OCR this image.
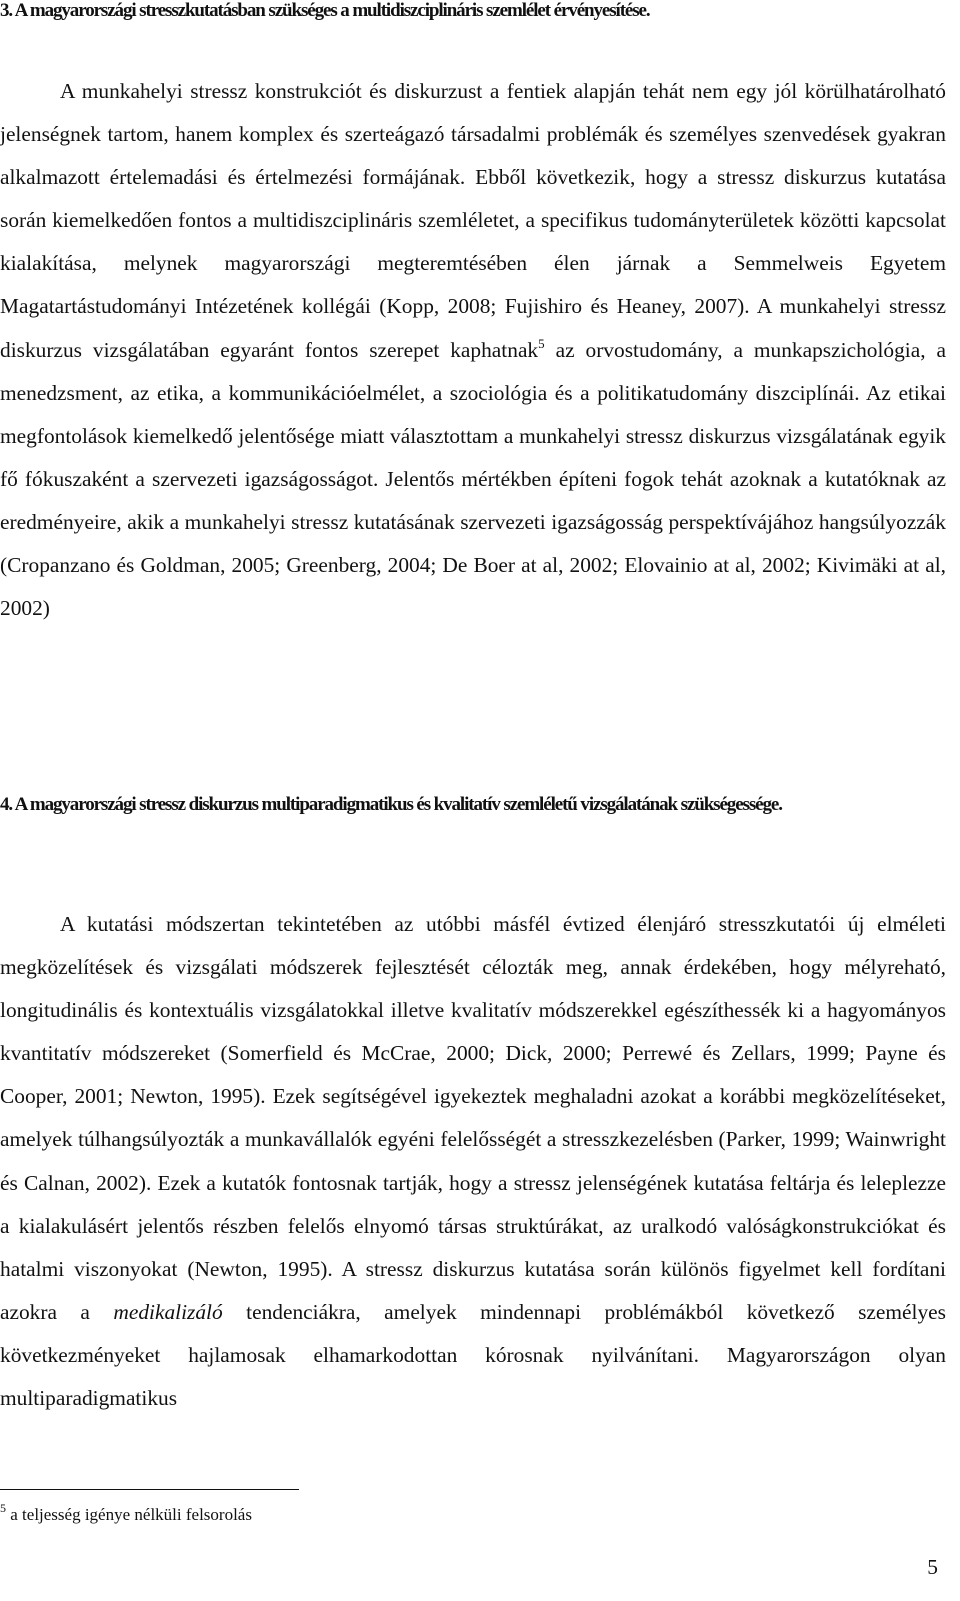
3. A magyarországi stresszkutatásban szükséges a multidiszciplináris szemlélet érvényesítése.

A munkahelyi stressz konstrukciót és diskurzust a fentiek alapján tehát nem egy jól körülhatárolható jelenségnek tartom, hanem komplex és szerteágazó társadalmi problémák és személyes szenvedések gyakran alkalmazott értelemadási és értelmezési formájának. Ebből következik, hogy a stressz diskurzus kutatása során kiemelkedően fontos a multidiszciplináris szemléletet, a specifikus tudományterületek közötti kapcsolat kialakítása, melynek magyarországi megteremtésében élen járnak a Semmelweis Egyetem Magatartástudományi Intézetének kollégái (Kopp, 2008; Fujishiro és Heaney, 2007). A munkahelyi stressz diskurzus vizsgálatában egyaránt fontos szerepet kaphatnak$^5$ az orvostudomány, a munkapszichológia, a menedzsment, az etika, a kommunikációelmélet, a szociológia és a politikatudomány diszciplínái. Az etikai megfontolások kiemelkedő jelentősége miatt választottam a munkahelyi stressz diskurzus vizsgálatának egyik fő fókuszaként a szervezeti igazságosságot. Jelentős mértékben építeni fogok tehát azoknak a kutatóknak az eredményeire, akik a munkahelyi stressz kutatásának szervezeti igazságosság perspektívájához hangsúlyozzák (Cropanzano és Goldman, 2005; Greenberg, 2004; De Boer at al, 2002; Elovainio at al, 2002; Kivimäki at al, 2002)

4. A magyarországi stressz diskurzus multiparadigmatikus és kvalitatív szemléletű vizsgálatának szükségessége.

A kutatási módszertan tekintetében az utóbbi másfél évtized élenjáró stresszkutatói új elméleti megközelítések és vizsgálati módszerek fejlesztését célozták meg, annak érdekében, hogy mélyreható, longitudinális és kontextuális vizsgálatokkal illetve kvalitatív módszerekkel egészíthessék ki a hagyományos kvantitatív módszereket (Somerfield és McCrae, 2000; Dick, 2000; Perrewé és Zellars, 1999; Payne és Cooper, 2001; Newton, 1995). Ezek segítségével igyekeztek meghaladni azokat a korábbi megközelítéseket, amelyek túlhangsúlyozták a munkavállalók egyéni felelősségét a stresszkezelésben (Parker, 1999; Wainwright és Calnan, 2002). Ezek a kutatók fontosnak tartják, hogy a stressz jelenségének kutatása feltárja és leleplezze a kialakulásért jelentős részben felelős elnyomó társas struktúrákat, az uralkodó valóságkonstrukciókat és hatalmi viszonyokat (Newton, 1995). A stressz diskurzus kutatása során különös figyelmet kell fordítani azokra a medikalizáló tendenciákra, amelyek mindennapi problémákból következő személyes következményeket hajlamosak elhamarkodottan kórosnak nyilvánítani. Magyarországon olyan multiparadigmatikus

$^5$ a teljesség igénye nélküli felsorolás

5
